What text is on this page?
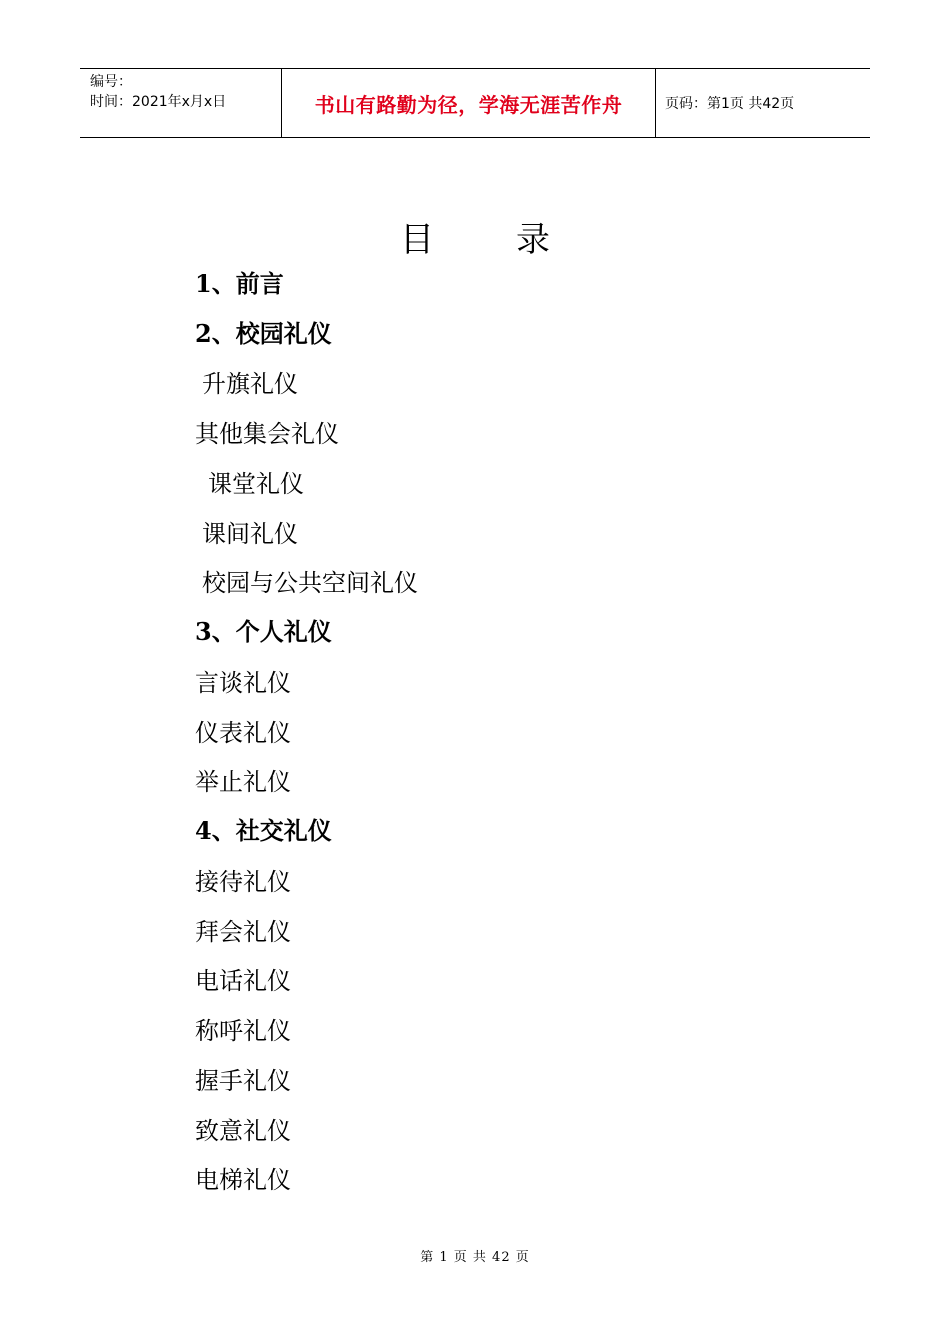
编号：
时间：2021年x月x日	书山有路勤为径，学海无涯苦作舟	页码：第1页 共42页
目 录
1、前言
2、校园礼仪
升旗礼仪
其他集会礼仪
课堂礼仪
课间礼仪
校园与公共空间礼仪
3、个人礼仪
言谈礼仪
仪表礼仪
举止礼仪
4、社交礼仪
接待礼仪
拜会礼仪
电话礼仪
称呼礼仪
握手礼仪
致意礼仪
电梯礼仪
第 1 页 共 42 页
